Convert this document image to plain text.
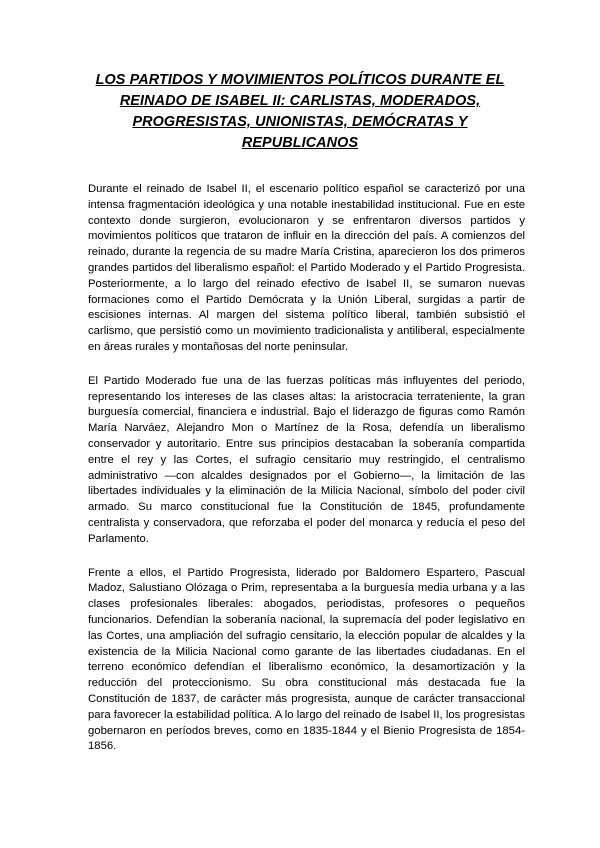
LOS PARTIDOS Y MOVIMIENTOS POLÍTICOS DURANTE EL REINADO DE ISABEL II: CARLISTAS, MODERADOS, PROGRESISTAS, UNIONISTAS, DEMÓCRATAS Y REPUBLICANOS

Durante el reinado de Isabel II, el escenario político español se caracterizó por una intensa fragmentación ideológica y una notable inestabilidad institucional. Fue en este contexto donde surgieron, evolucionaron y se enfrentaron diversos partidos y movimientos políticos que trataron de influir en la dirección del país. A comienzos del reinado, durante la regencia de su madre María Cristina, aparecieron los dos primeros grandes partidos del liberalismo español: el Partido Moderado y el Partido Progresista. Posteriormente, a lo largo del reinado efectivo de Isabel II, se sumaron nuevas formaciones como el Partido Demócrata y la Unión Liberal, surgidas a partir de escisiones internas. Al margen del sistema político liberal, también subsistió el carlismo, que persistió como un movimiento tradicionalista y antiliberal, especialmente en áreas rurales y montañosas del norte peninsular.

El Partido Moderado fue una de las fuerzas políticas más influyentes del periodo, representando los intereses de las clases altas: la aristocracia terrateniente, la gran burguesía comercial, financiera e industrial. Bajo el liderazgo de figuras como Ramón María Narváez, Alejandro Mon o Martínez de la Rosa, defendía un liberalismo conservador y autoritario. Entre sus principios destacaban la soberanía compartida entre el rey y las Cortes, el sufragio censitario muy restringido, el centralismo administrativo —con alcaldes designados por el Gobierno—, la limitación de las libertades individuales y la eliminación de la Milicia Nacional, símbolo del poder civil armado. Su marco constitucional fue la Constitución de 1845, profundamente centralista y conservadora, que reforzaba el poder del monarca y reducía el peso del Parlamento.

Frente a ellos, el Partido Progresista, liderado por Baldomero Espartero, Pascual Madoz, Salustiano Olózaga o Prim, representaba a la burguesía media urbana y a las clases profesionales liberales: abogados, periodistas, profesores o pequeños funcionarios. Defendían la soberanía nacional, la supremacía del poder legislativo en las Cortes, una ampliación del sufragio censitario, la elección popular de alcaldes y la existencia de la Milicia Nacional como garante de las libertades ciudadanas. En el terreno económico defendían el liberalismo económico, la desamortización y la reducción del proteccionismo. Su obra constitucional más destacada fue la Constitución de 1837, de carácter más progresista, aunque de carácter transaccional para favorecer la estabilidad política. A lo largo del reinado de Isabel II, los progresistas gobernaron en períodos breves, como en 1835-1844 y el Bienio Progresista de 1854-1856.
